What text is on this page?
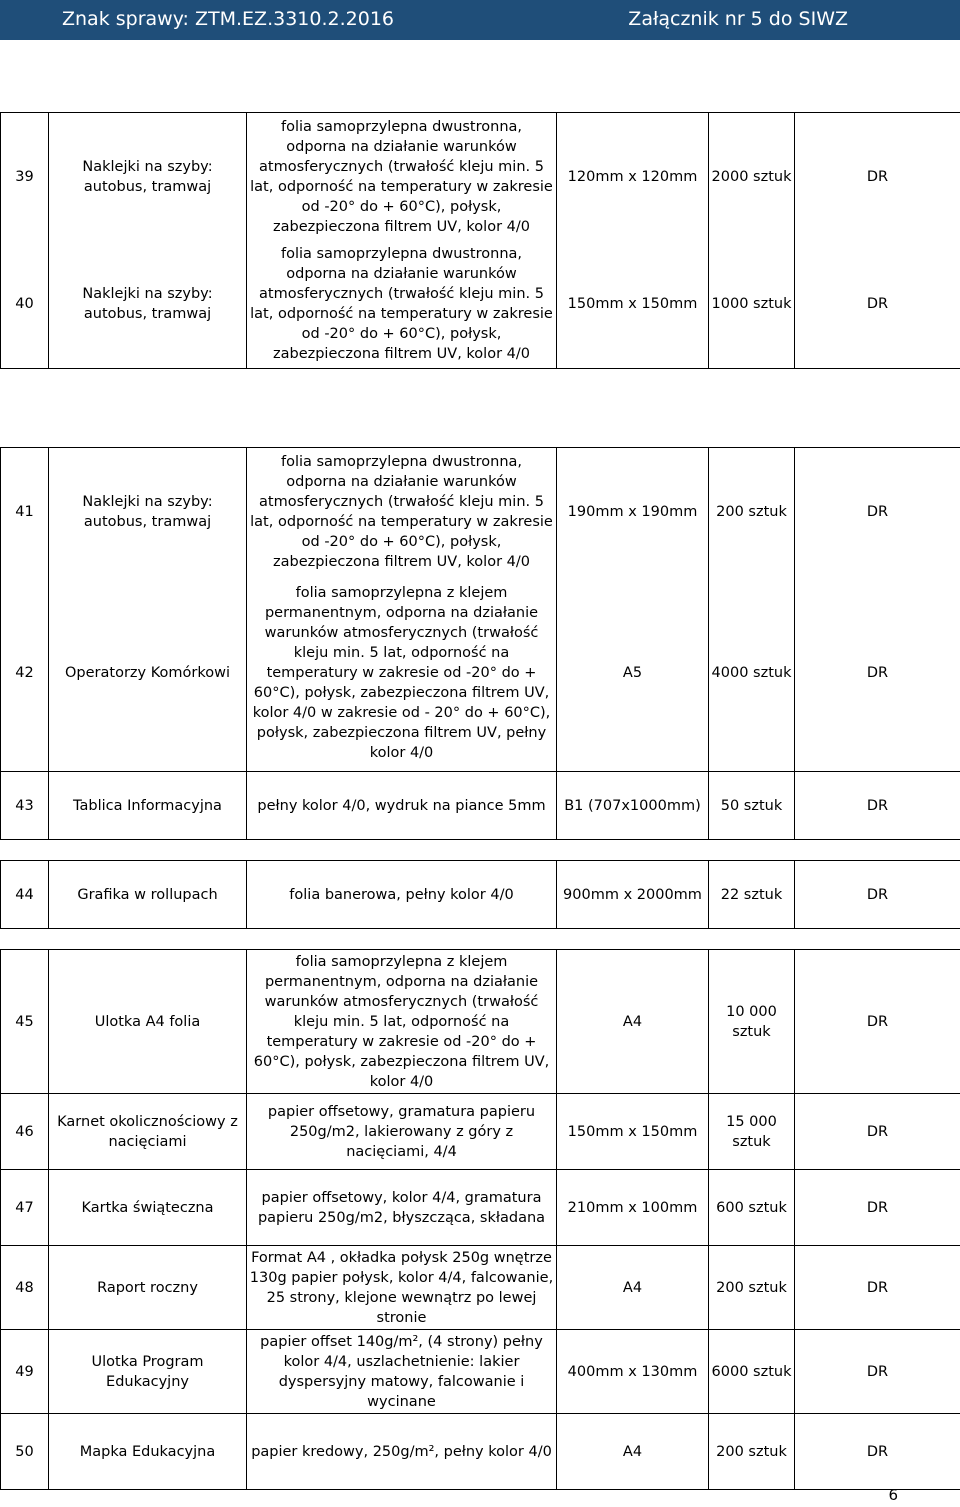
Znak sprawy: ZTM.EZ.3310.2.2016	Załącznik nr 5 do SIWZ
39	Naklejki na szyby: autobus, tramwaj	folia samoprzylepna dwustronna, odporna na działanie warunków atmosferycznych (trwałość kleju min. 5 lat, odporność na temperatury w zakresie od -20° do + 60°C), połysk, zabezpieczona filtrem UV, kolor 4/0	120mm x 120mm	2000 sztuk	DR
40	Naklejki na szyby: autobus, tramwaj	folia samoprzylepna dwustronna, odporna na działanie warunków atmosferycznych (trwałość kleju min. 5 lat, odporność na temperatury w zakresie od -20° do + 60°C), połysk, zabezpieczona filtrem UV, kolor 4/0	150mm x 150mm	1000 sztuk	DR

41	Naklejki na szyby: autobus, tramwaj	folia samoprzylepna dwustronna, odporna na działanie warunków atmosferycznych (trwałość kleju min. 5 lat, odporność na temperatury w zakresie od -20° do + 60°C), połysk, zabezpieczona filtrem UV, kolor 4/0	190mm x 190mm	200 sztuk	DR
42	Operatorzy Komórkowi	folia samoprzylepna z klejem permanentnym, odporna na działanie warunków atmosferycznych (trwałość kleju min. 5 lat, odporność na temperatury w zakresie od -20° do + 60°C), połysk, zabezpieczona filtrem UV, kolor 4/0 w zakresie od - 20° do + 60°C), połysk, zabezpieczona filtrem UV, pełny kolor 4/0	A5	4000 sztuk	DR
43	Tablica Informacyjna	pełny kolor 4/0, wydruk na piance 5mm	B1 (707x1000mm)	50 sztuk	DR

44	Grafika w rollupach	folia banerowa, pełny kolor 4/0	900mm x 2000mm	22 sztuk	DR

45	Ulotka A4 folia	folia samoprzylepna z klejem permanentnym, odporna na działanie warunków atmosferycznych (trwałość kleju min. 5 lat, odporność na temperatury w zakresie od -20° do + 60°C), połysk, zabezpieczona filtrem UV, kolor 4/0	A4	10 000 sztuk	DR
46	Karnet okolicznościowy z nacięciami	papier offsetowy, gramatura papieru 250g/m2, lakierowany z góry z nacięciami, 4/4	150mm x 150mm	15 000 sztuk	DR
47	Kartka świąteczna	papier offsetowy, kolor 4/4, gramatura papieru 250g/m2, błyszcząca, składana	210mm x 100mm	600 sztuk	DR
48	Raport roczny	Format A4 , okładka połysk 250g wnętrze 130g papier połysk, kolor 4/4, falcowanie, 25 strony, klejone wewnątrz po lewej stronie	A4	200 sztuk	DR
49	Ulotka Program Edukacyjny	papier offset 140g/m², (4 strony) pełny kolor 4/4, uszlachetnienie: lakier dyspersyjny matowy, falcowanie i wycinane	400mm x 130mm	6000 sztuk	DR
50	Mapka Edukacyjna	papier kredowy, 250g/m², pełny kolor 4/0	A4	200 sztuk	DR
6
